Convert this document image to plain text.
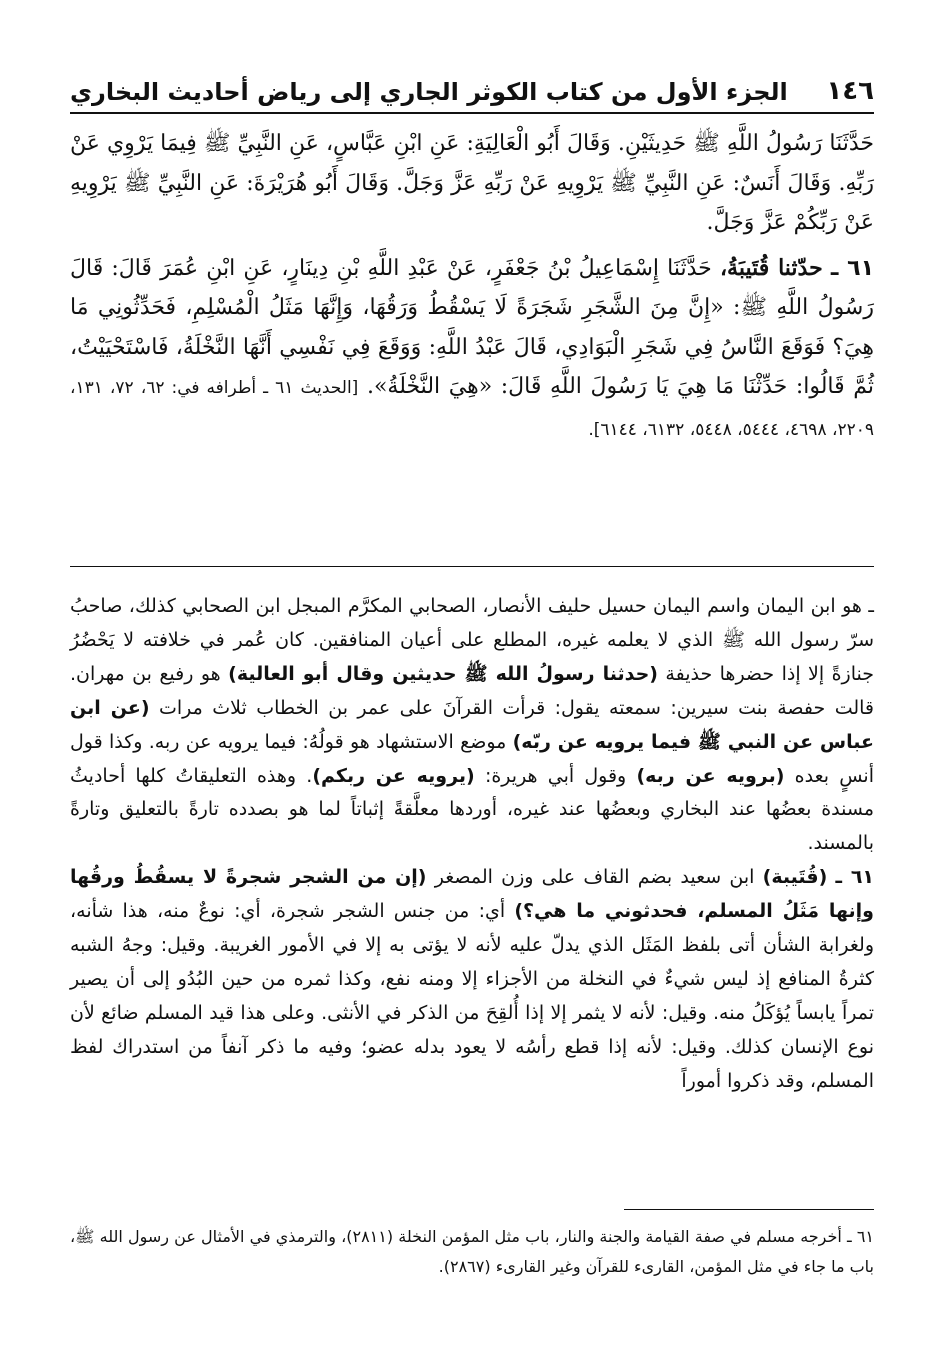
١٤٦
الجزء الأول من كتاب الكوثر الجاري إلى رياض أحاديث البخاري

حَدَّثَنَا رَسُولُ اللَّهِ ﷺ حَدِيثَيْنِ. وَقَالَ أَبُو الْعَالِيَةِ: عَنِ ابْنِ عَبَّاسٍ، عَنِ النَّبِيِّ ﷺ فِيمَا يَرْوِي عَنْ رَبِّهِ. وَقَالَ أَنَسٌ: عَنِ النَّبِيِّ ﷺ يَرْوِيهِ عَنْ رَبِّهِ عَزَّ وَجَلَّ. وَقَالَ أَبُو هُرَيْرَةَ: عَنِ النَّبِيِّ ﷺ يَرْوِيهِ عَنْ رَبِّكُمْ عَزَّ وَجَلَّ.

٦١ ـ حدّثنا قُتَيبَةُ، حَدَّثَنَا إِسْمَاعِيلُ بْنُ جَعْفَرٍ، عَنْ عَبْدِ اللَّهِ بْنِ دِينَارٍ، عَنِ ابْنِ عُمَرَ قَالَ: قَالَ رَسُولُ اللَّهِ ﷺ: «إِنَّ مِنَ الشَّجَرِ شَجَرَةً لَا يَسْقُطُ وَرَقُهَا، وَإِنَّهَا مَثَلُ الْمُسْلِمِ، فَحَدِّثُونِي مَا هِيَ؟ فَوَقَعَ النَّاسُ فِي شَجَرِ الْبَوَادِي، قَالَ عَبْدُ اللَّهِ: وَوَقَعَ فِي نَفْسِي أَنَّهَا النَّخْلَةُ، فَاسْتَحْيَيْتُ، ثُمَّ قَالُوا: حَدِّثْنَا مَا هِيَ يَا رَسُولَ اللَّهِ قَالَ: «هِيَ النَّخْلَةُ». [الحديث ٦١ ـ أطرافه في: ٦٢، ٧٢، ١٣١، ٢٢٠٩، ٤٦٩٨، ٥٤٤٤، ٥٤٤٨، ٦١٣٢، ٦١٤٤].

ـ هو ابن اليمان واسم اليمان حسيل حليف الأنصار، الصحابي المكرَّم المبجل ابن الصحابي كذلك، صاحبُ سرّ رسول الله ﷺ الذي لا يعلمه غيره، المطلع على أعيان المنافقين. كان عُمر في خلافته لا يَحْضُرُ جنازةً إلا إذا حضرها حذيفة (حدثنا رسولُ الله ﷺ حديثين وقال أبو العالية) هو رفيع بن مهران. قالت حفصة بنت سيرين: سمعته يقول: قرأت القرآنَ على عمر بن الخطاب ثلاث مرات (عن ابن عباس عن النبي ﷺ فيما يرويه عن ربّه) موضع الاستشهاد هو قولُهُ: فيما يرويه عن ربه. وكذا قول أنسٍ بعده (برويه عن ربه) وقول أبي هريرة: (يرويه عن ربكم). وهذه التعليقاتُ كلها أحاديثُ مسندة بعضُها عند البخاري وبعضُها عند غيره، أوردها معلَّقةً إثباتاً لما هو بصدده تارةً بالتعليق وتارةً بالمسند.

٦١ ـ (قُتَيبة) ابن سعيد بضم القاف على وزن المصغر (إن من الشجر شجرةً لا يسقُطُ ورقُها وإنها مَثَلُ المسلم، فحدثوني ما هي؟) أي: من جنس الشجر شجرة، أي: نوعٌ منه، هذا شأنه، ولغرابة الشأن أتى بلفظ المَثَل الذي يدلّ عليه لأنه لا يؤتى به إلا في الأمور الغريبة. وقيل: وجهُ الشبه كثرةُ المنافع إذ ليس شيءٌ في النخلة من الأجزاء إلا ومنه نفع، وكذا ثمره من حين البُدُو إلى أن يصير تمراً يابساً يُؤكَلُ منه. وقيل: لأنه لا يثمر إلا إذا أُلقِحَ من الذكر في الأنثى. وعلى هذا قيد المسلم ضائع لأن نوع الإنسان كذلك. وقيل: لأنه إذا قطع رأسُه لا يعود بدله عضو؛ وفيه ما ذكر آنفاً من استدراك لفظ المسلم، وقد ذكروا أموراً

٦١ ـ أخرجه مسلم في صفة القيامة والجنة والنار، باب مثل المؤمن النخلة (٢٨١١)، والترمذي في الأمثال عن رسول الله ﷺ، باب ما جاء في مثل المؤمن، القارىء للقرآن وغير القارىء (٢٨٦٧).
